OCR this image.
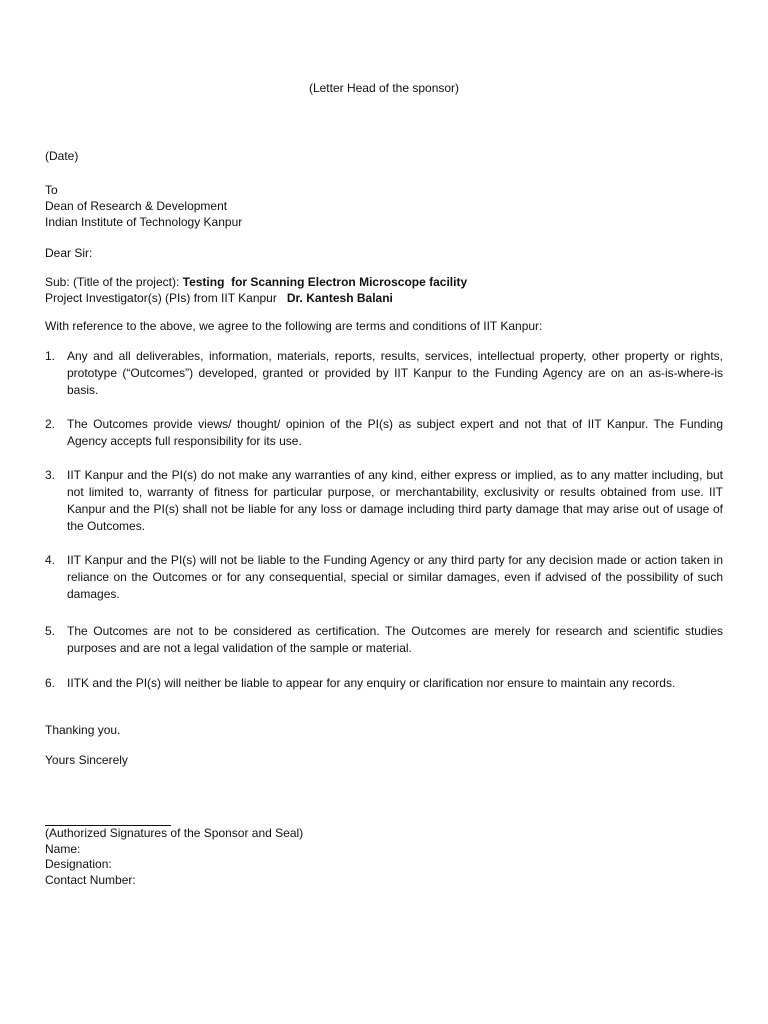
(Letter Head of the sponsor)
(Date)
To
Dean of Research & Development
Indian Institute of Technology Kanpur
Dear Sir:
Sub: (Title of the project): Testing  for Scanning Electron Microscope facility
Project Investigator(s) (PIs) from IIT Kanpur   Dr. Kantesh Balani
With reference to the above, we agree to the following are terms and conditions of IIT Kanpur:
1. Any and all deliverables, information, materials, reports, results, services, intellectual property, other property or rights, prototype (“Outcomes”) developed, granted or provided by IIT Kanpur to the Funding Agency are on an as-is-where-is basis.
2. The Outcomes provide views/ thought/ opinion of the PI(s) as subject expert and not that of IIT Kanpur. The Funding Agency accepts full responsibility for its use.
3. IIT Kanpur and the PI(s) do not make any warranties of any kind, either express or implied, as to any matter including, but not limited to, warranty of fitness for particular purpose, or merchantability, exclusivity or results obtained from use. IIT Kanpur and the PI(s) shall not be liable for any loss or damage including third party damage that may arise out of usage of the Outcomes.
4. IIT Kanpur and the PI(s) will not be liable to the Funding Agency or any third party for any decision made or action taken in reliance on the Outcomes or for any consequential, special or similar damages, even if advised of the possibility of such damages.
5. The Outcomes are not to be considered as certification. The Outcomes are merely for research and scientific studies purposes and are not a legal validation of the sample or material.
6. IITK and the PI(s) will neither be liable to appear for any enquiry or clarification nor ensure to maintain any records.
Thanking you.
Yours Sincerely
(Authorized Signatures of the Sponsor and Seal)
Name:
Designation:
Contact Number:
